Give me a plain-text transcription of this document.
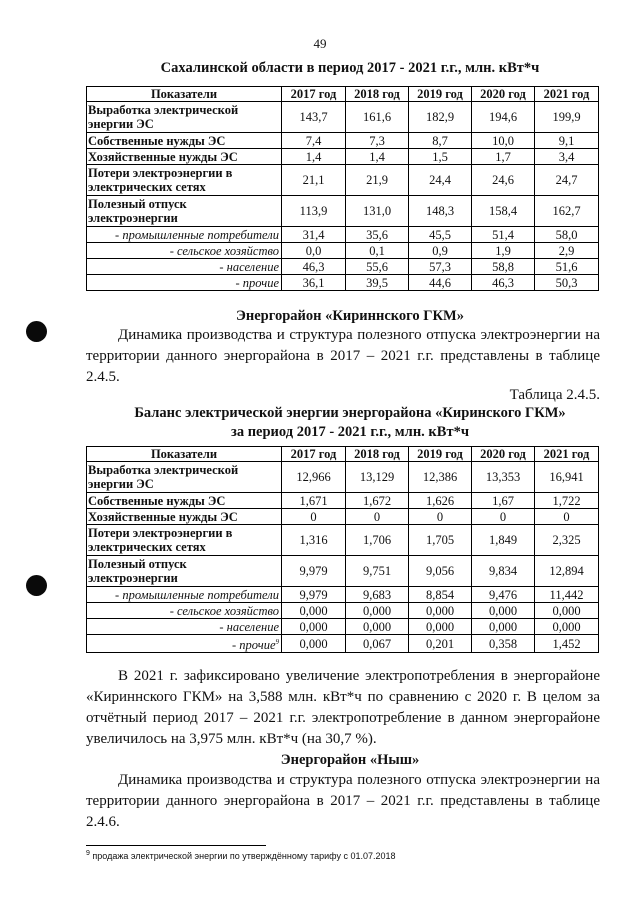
49
Сахалинской области в период 2017 - 2021 г.г., млн. кВт*ч
Показатели	2017 год	2018 год	2019 год	2020 год	2021 год
Выработка электрической энергии ЭС	143,7	161,6	182,9	194,6	199,9
Собственные нужды ЭС	7,4	7,3	8,7	10,0	9,1
Хозяйственные нужды ЭС	1,4	1,4	1,5	1,7	3,4
Потери электроэнергии в электрических сетях	21,1	21,9	24,4	24,6	24,7
Полезный отпуск электроэнергии	113,9	131,0	148,3	158,4	162,7
- промышленные потребители	31,4	35,6	45,5	51,4	58,0
- сельское хозяйство	0,0	0,1	0,9	1,9	2,9
- население	46,3	55,6	57,3	58,8	51,6
- прочие	36,1	39,5	44,6	46,3	50,3
Энергорайон «Кириннского ГКМ»
Динамика производства и структура полезного отпуска электроэнергии на территории данного энергорайона в 2017 – 2021 г.г. представлены в таблице 2.4.5.
Таблица 2.4.5.
Баланс электрической энергии энергорайона «Киринского ГКМ»
за период 2017 - 2021 г.г., млн. кВт*ч
Показатели	2017 год	2018 год	2019 год	2020 год	2021 год
Выработка электрической энергии ЭС	12,966	13,129	12,386	13,353	16,941
Собственные нужды ЭС	1,671	1,672	1,626	1,67	1,722
Хозяйственные нужды ЭС	0	0	0	0	0
Потери электроэнергии в электрических сетях	1,316	1,706	1,705	1,849	2,325
Полезный отпуск электроэнергии	9,979	9,751	9,056	9,834	12,894
- промышленные потребители	9,979	9,683	8,854	9,476	11,442
- сельское хозяйство	0,000	0,000	0,000	0,000	0,000
- население	0,000	0,000	0,000	0,000	0,000
- прочие$^9$	0,000	0,067	0,201	0,358	1,452
В 2021 г. зафиксировано увеличение электропотребления в энергорайоне «Кириннского ГКМ» на 3,588 млн. кВт*ч по сравнению с 2020 г. В целом за отчётный период 2017 – 2021 г.г. электропотребление в данном энергорайоне увеличилось на 3,975 млн. кВт*ч (на 30,7 %).
Энергорайон «Ныш»
Динамика производства и структура полезного отпуска электроэнергии на территории данного энергорайона в 2017 – 2021 г.г. представлены в таблице 2.4.6.
$^9$ продажа электрической энергии по утверждённому тарифу с 01.07.2018
